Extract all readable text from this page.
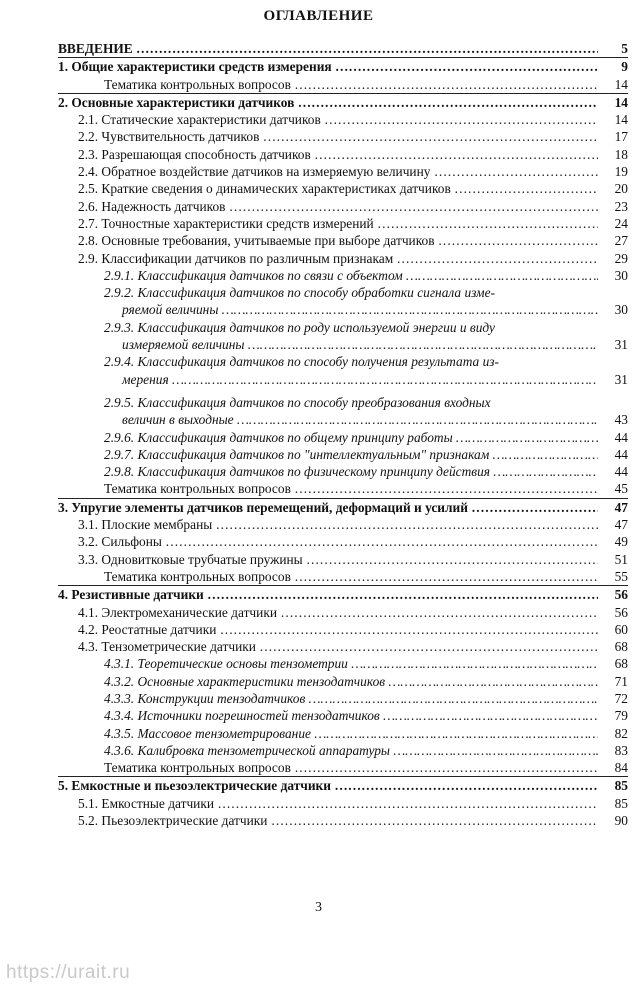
ОГЛАВЛЕНИЕ
ВВЕДЕНИЕ ……………………………………………………………………………………………………………………………………………………	5
1. Общие характеристики средств измерения ……………………………………………………………………………………………………………………………………………………	9
Тематика контрольных вопросов ……………………………………………………………………………………………………………………………………………………	14
2. Основные характеристики датчиков ……………………………………………………………………………………………………………………………………………………	14
2.1. Статические характеристики датчиков ……………………………………………………………………………………………………………………………………………………	14
2.2. Чувствительность датчиков ……………………………………………………………………………………………………………………………………………………	17
2.3. Разрешающая способность датчиков ……………………………………………………………………………………………………………………………………………………	18
2.4. Обратное воздействие датчиков на измеряемую величину ……………………………………………………………………………………………………………………………………………………	19
2.5. Краткие сведения о динамических характеристиках датчиков ……………………………………………………………………………………………………………………………………………………	20
2.6. Надежность датчиков ……………………………………………………………………………………………………………………………………………………	23
2.7. Точностные характеристики средств измерений ……………………………………………………………………………………………………………………………………………………	24
2.8. Основные требования, учитываемые при выборе датчиков ……………………………………………………………………………………………………………………………………………………	27
2.9. Классификации датчиков по различным признакам ……………………………………………………………………………………………………………………………………………………	29
2.9.1. Классификация датчиков по связи с объектом ……………………………………………………………………………………………………………………………………………………	30
2.9.2. Классификация датчиков по способу обработки сигнала изме-
ряемой величины ……………………………………………………………………………………………………………………………	30
2.9.3. Классификация датчиков по роду используемой энергии и виду
измеряемой величины ……………………………………………………………………………………………………………………………	31
2.9.4. Классификация датчиков по способу получения результата из-
мерения ……………………………………………………………………………………………………………………………	31
2.9.5. Классификация датчиков по способу преобразования входных
величин в выходные ……………………………………………………………………………………………………………………………	43
2.9.6. Классификация датчиков по общему принципу работы ……………………………………………………………………………………………………………………………………………………	44
2.9.7. Классификация датчиков по "интеллектуальным" признакам ……………………………………………………………………………………………………………………………………………………	44
2.9.8. Классификация датчиков по физическому принципу действия ……………………………………………………………………………………………………………………………………………………	44
Тематика контрольных вопросов ……………………………………………………………………………………………………………………………………………………	45
3. Упругие элементы датчиков перемещений, деформаций и усилий ……………………………………………………………………………………………………………………………………………………	47
3.1. Плоские мембраны ……………………………………………………………………………………………………………………………………………………	47
3.2. Сильфоны ……………………………………………………………………………………………………………………………………………………	49
3.3. Одновитковые трубчатые пружины ……………………………………………………………………………………………………………………………………………………	51
Тематика контрольных вопросов ……………………………………………………………………………………………………………………………………………………	55
4. Резистивные датчики ……………………………………………………………………………………………………………………………………………………	56
4.1. Электромеханические датчики ……………………………………………………………………………………………………………………………………………………	56
4.2. Реостатные датчики ……………………………………………………………………………………………………………………………………………………	60
4.3. Тензометрические датчики ……………………………………………………………………………………………………………………………………………………	68
4.3.1. Теоретические основы тензометрии ……………………………………………………………………………………………………………………………………………………	68
4.3.2. Основные характеристики тензодатчиков ……………………………………………………………………………………………………………………………………………………	71
4.3.3. Конструкции тензодатчиков ……………………………………………………………………………………………………………………………………………………	72
4.3.4. Источники погрешностей тензодатчиков ……………………………………………………………………………………………………………………………………………………	79
4.3.5. Массовое тензометрирование ……………………………………………………………………………………………………………………………………………………	82
4.3.6. Калибровка тензометрической аппаратуры ……………………………………………………………………………………………………………………………………………………	83
Тематика контрольных вопросов ……………………………………………………………………………………………………………………………………………………	84
5. Емкостные и пьезоэлектрические датчики ……………………………………………………………………………………………………………………………………………………	85
5.1. Емкостные датчики ……………………………………………………………………………………………………………………………………………………	85
5.2. Пьезоэлектрические датчики ……………………………………………………………………………………………………………………………………………………	90
3
https://urait.ru
